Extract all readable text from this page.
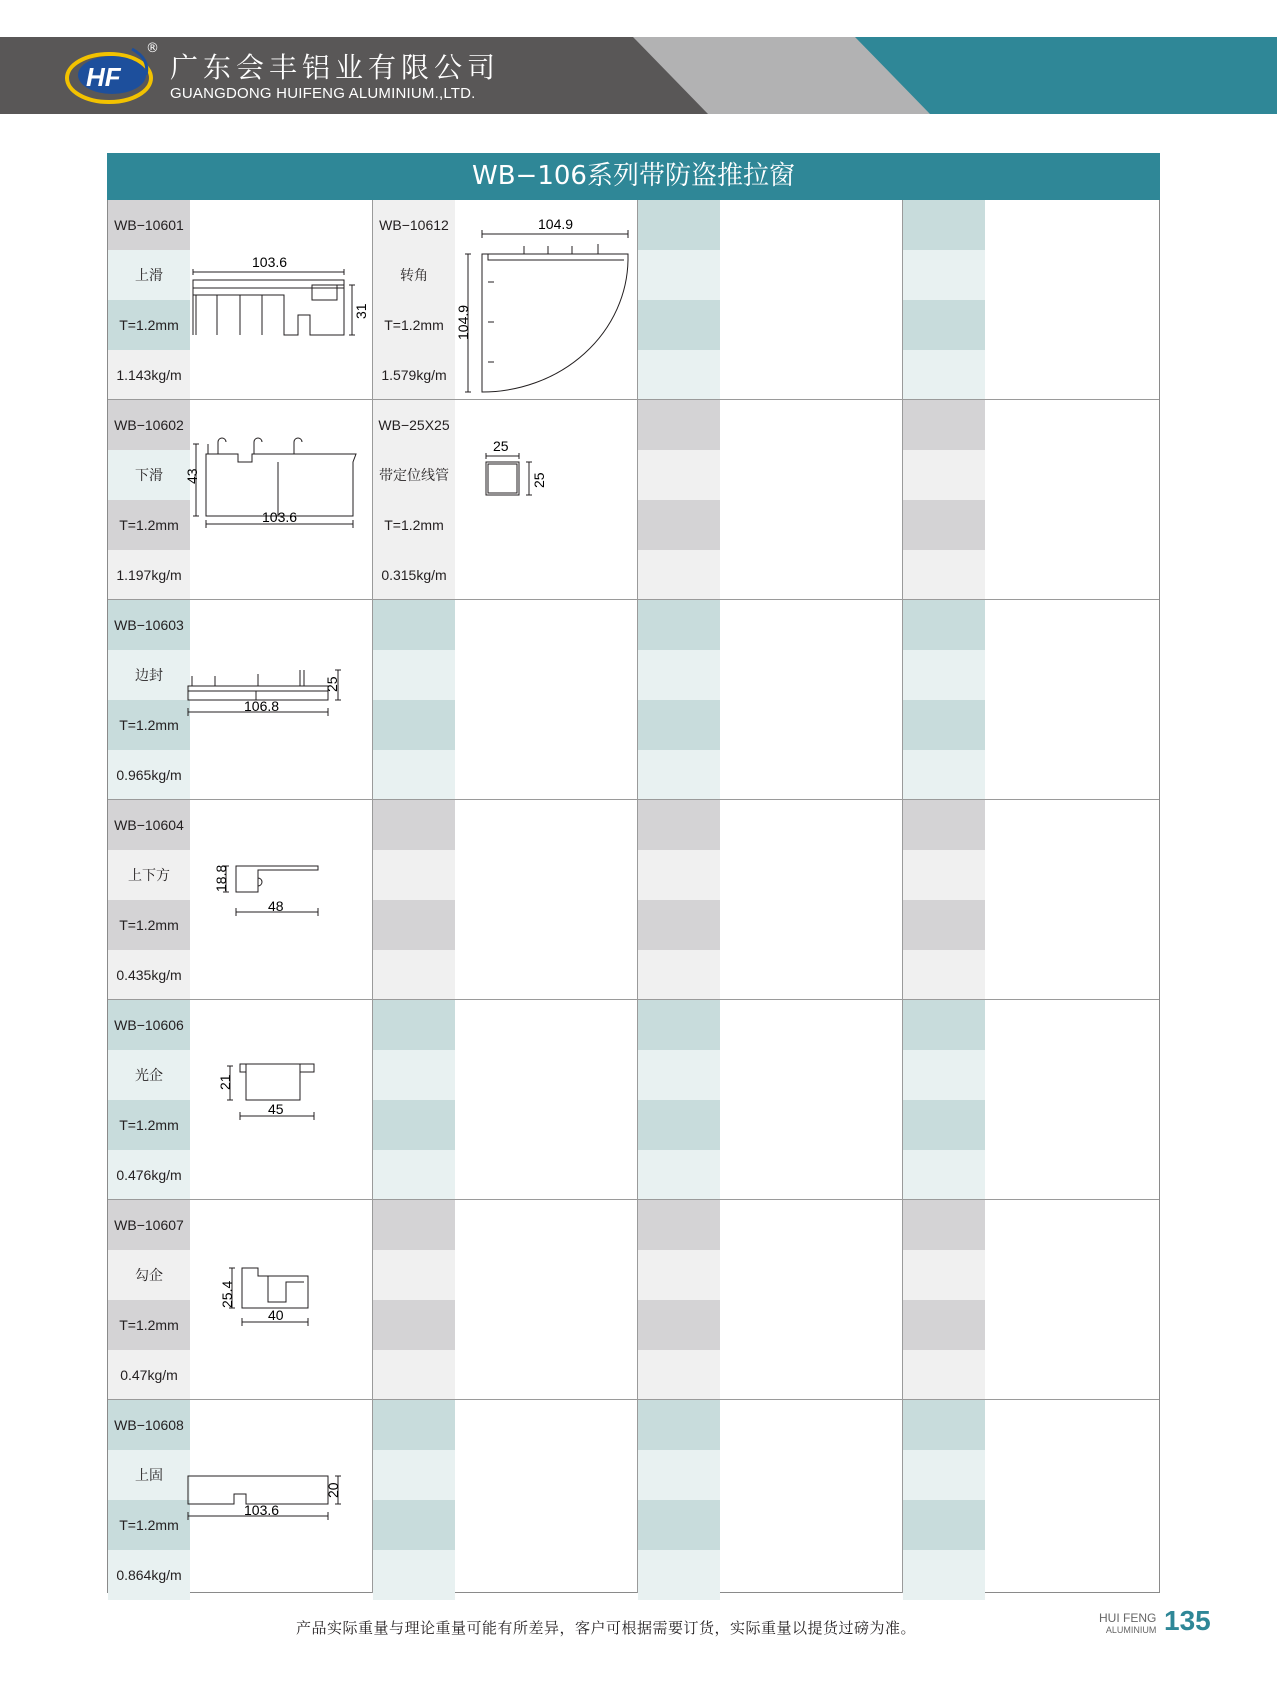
HF
®
广东会丰铝业有限公司
GUANGDONG HUIFENG ALUMINIUM.,LTD.
WB−106系列带防盗推拉窗
WB−10601
上滑
T=1.2mm
1.143kg/m
WB−10602
下滑
T=1.2mm
1.197kg/m
WB−10603
边封
T=1.2mm
0.965kg/m
WB−10604
上下方
T=1.2mm
0.435kg/m
WB−10606
光企
T=1.2mm
0.476kg/m
WB−10607
勾企
T=1.2mm
0.47kg/m
WB−10608
上固
T=1.2mm
0.864kg/m
WB−10612
转角
T=1.2mm
1.579kg/m
WB−25X25
带定位线管
T=1.2mm
0.315kg/m
103.6
31
43
103.6
25
106.8
18.8
48
21
45
25.4
40
20
103.6
104.9
104.9
25
25
产品实际重量与理论重量可能有所差异，客户可根据需要订货，实际重量以提货过磅为准。
HUI FENG
ALUMINIUM 135
